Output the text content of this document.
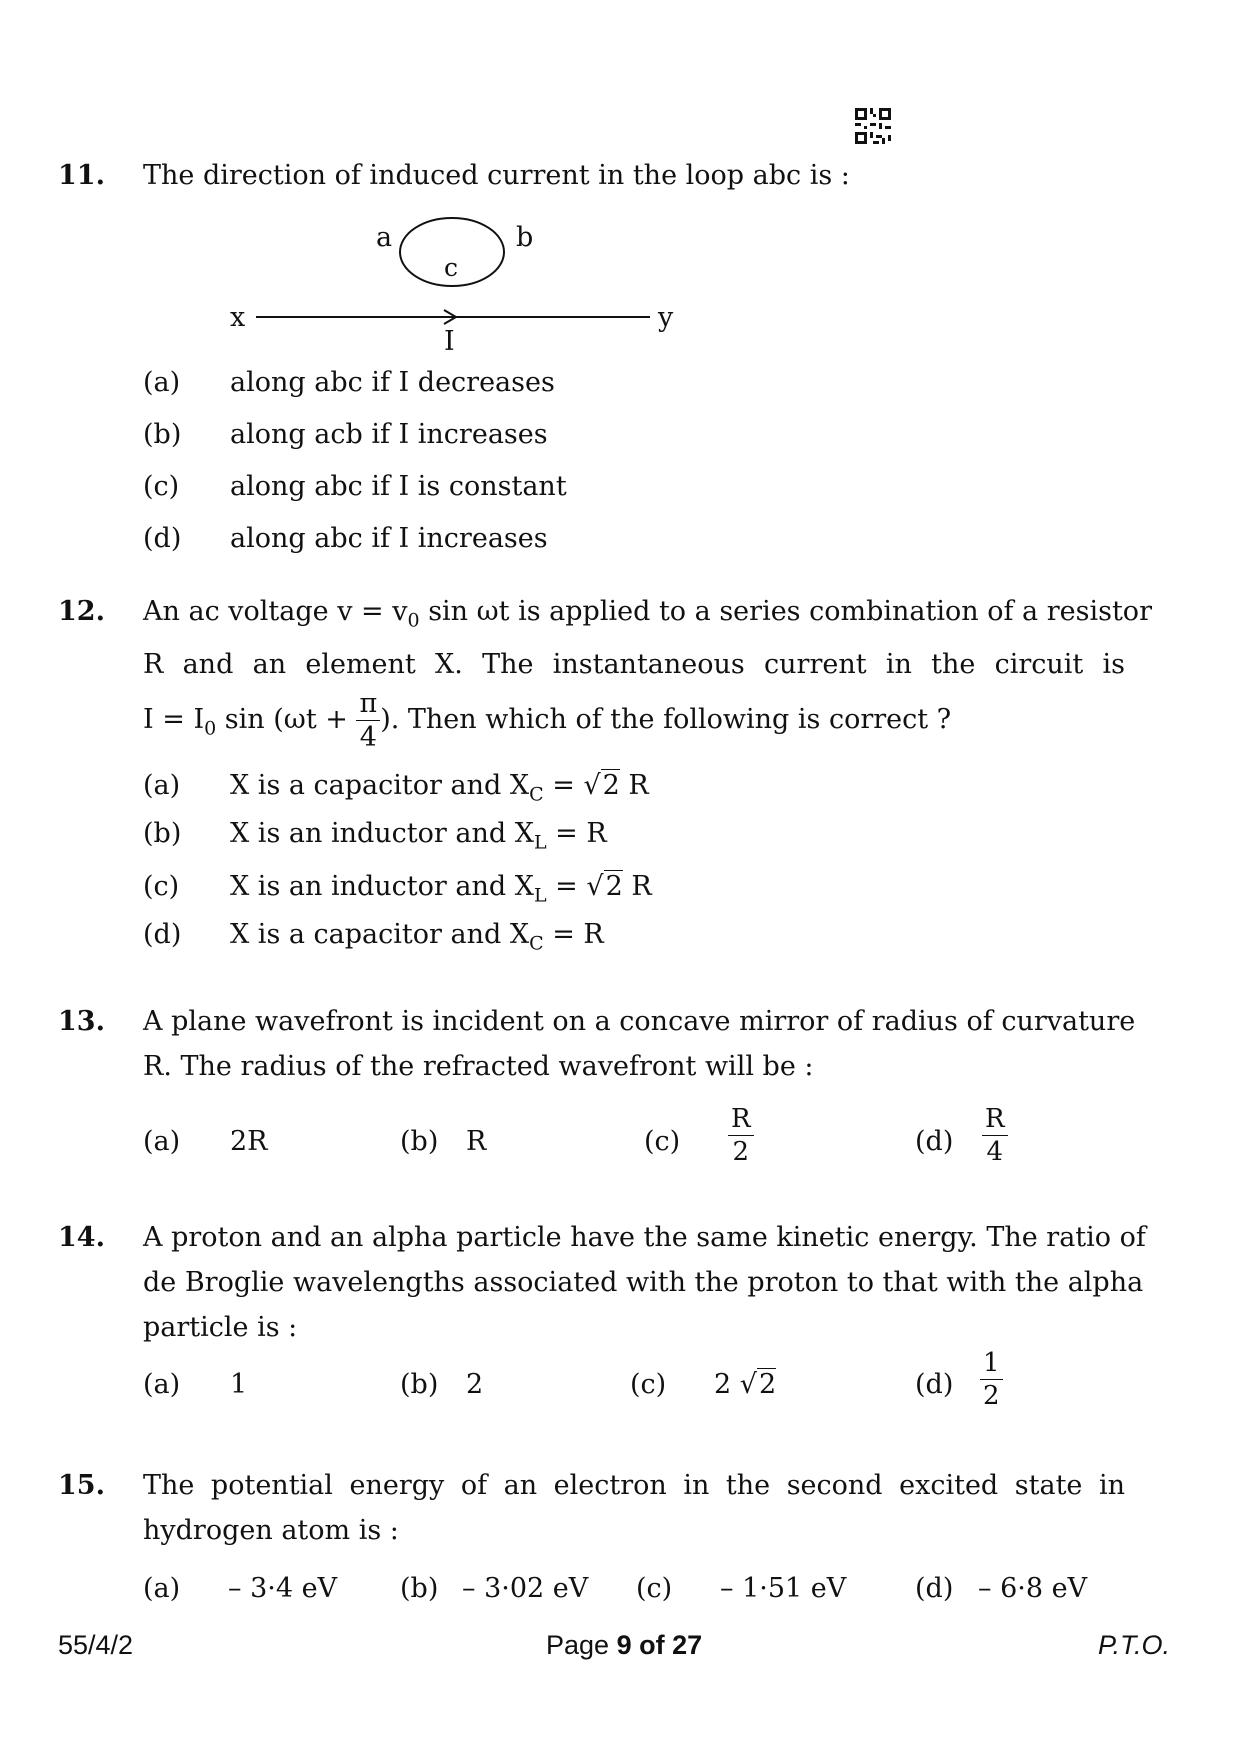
11. The direction of induced current in the loop abc is :
a	b
c
x	y
I
(a) along abc if I decreases
(b) along acb if I increases
(c) along abc if I is constant
(d) along abc if I increases
12. An ac voltage $v = v_0$ sin ωt is applied to a series combination of a resistor
R and an element X. The instantaneous current in the circuit is
$I = I_0$ $\sin (\omega t + \frac{\pi}{4}$ ). Then which of the following is correct ?
(a) X is a capacitor and $X_C = √2$ R
(b) X is an inductor and $X_L = R$
(c) X is an inductor and $X_L = √2$ R
(d) X is a capacitor and $X_C = R$
13. A plane wavefront is incident on a concave mirror of radius of curvature
R. The radius of the refracted wavefront will be :
(a) 2R	(b) R	$(c) \frac{R}{2}$	$(d) \frac{R}{4}$
14. A proton and an alpha particle have the same kinetic energy. The ratio of
de Broglie wavelengths associated with the proton to that with the alpha
particle is :
(a) 1	(b) 2	(c) 2 √2	$(d) \frac{1}{2}$
15. The potential energy of an electron in the second excited state in
hydrogen atom is :
(a) – 3·4 eV (b) – 3·02 eV (c) – 1·51 eV	(d) – 6·8 eV
55/4/2	Page 9 of 27	P.T.O.
